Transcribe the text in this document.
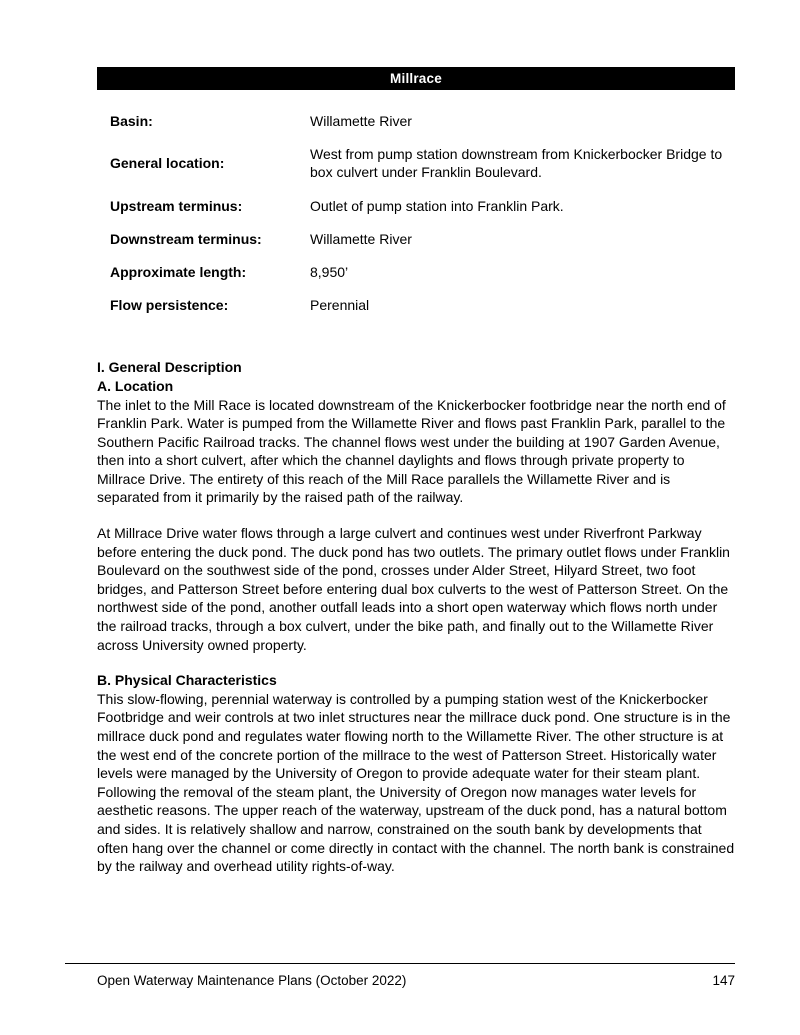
Millrace
Basin:	Willamette River
General location:
West from pump station downstream from Knickerbocker Bridge to box culvert under Franklin Boulevard.
Upstream terminus:	Outlet of pump station into Franklin Park.
Downstream terminus:	Willamette River
Approximate length:	8,950’
Flow persistence:	Perennial

I. General Description

A. Location

The inlet to the Mill Race is located downstream of the Knickerbocker footbridge near the north end of Franklin Park. Water is pumped from the Willamette River and flows past Franklin Park, parallel to the Southern Pacific Railroad tracks. The channel flows west under the building at 1907 Garden Avenue, then into a short culvert, after which the channel daylights and flows through private property to Millrace Drive. The entirety of this reach of the Mill Race parallels the Willamette River and is separated from it primarily by the raised path of the railway.

At Millrace Drive water flows through a large culvert and continues west under Riverfront Parkway before entering the duck pond. The duck pond has two outlets. The primary outlet flows under Franklin Boulevard on the southwest side of the pond, crosses under Alder Street, Hilyard Street, two foot bridges, and Patterson Street before entering dual box culverts to the west of Patterson Street. On the northwest side of the pond, another outfall leads into a short open waterway which flows north under the railroad tracks, through a box culvert, under the bike path, and finally out to the Willamette River across University owned property.

B. Physical Characteristics

This slow-flowing, perennial waterway is controlled by a pumping station west of the Knickerbocker Footbridge and weir controls at two inlet structures near the millrace duck pond. One structure is in the millrace duck pond and regulates water flowing north to the Willamette River. The other structure is at the west end of the concrete portion of the millrace to the west of Patterson Street. Historically water levels were managed by the University of Oregon to provide adequate water for their steam plant. Following the removal of the steam plant, the University of Oregon now manages water levels for aesthetic reasons. The upper reach of the waterway, upstream of the duck pond, has a natural bottom and sides. It is relatively shallow and narrow, constrained on the south bank by developments that often hang over the channel or come directly in contact with the channel. The north bank is constrained by the railway and overhead utility rights-of-way.

Open Waterway Maintenance Plans (October 2022)	147
